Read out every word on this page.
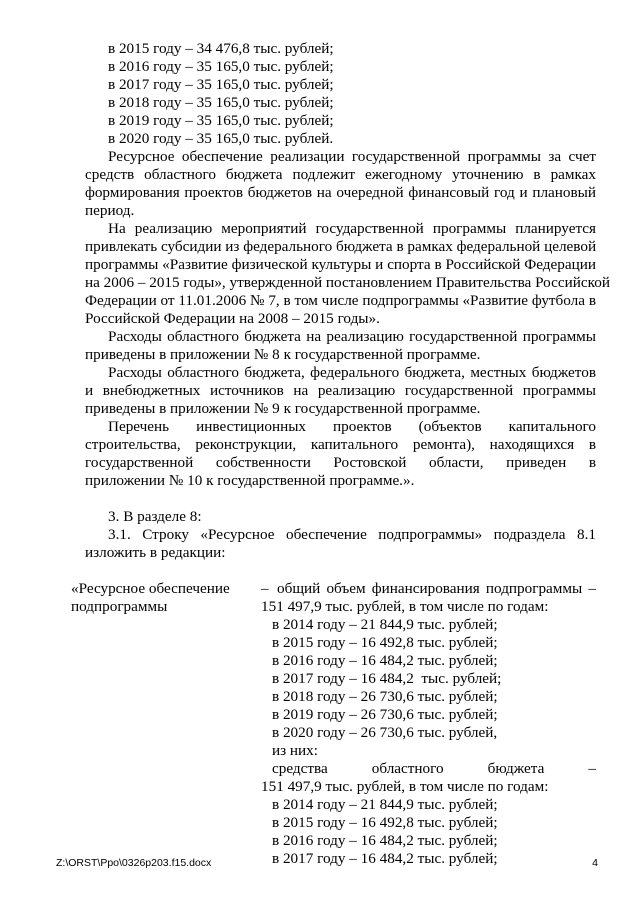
в 2015 году – 34 476,8 тыс. рублей;
в 2016 году – 35 165,0 тыс. рублей;
в 2017 году – 35 165,0 тыс. рублей;
в 2018 году – 35 165,0 тыс. рублей;
в 2019 году – 35 165,0 тыс. рублей;
в 2020 году – 35 165,0 тыс. рублей.
Ресурсное обеспечение реализации государственной программы за счет
средств областного бюджета подлежит ежегодному уточнению в рамках
формирования проектов бюджетов на очередной финансовый год и плановый
период.
На реализацию мероприятий государственной программы планируется
привлекать субсидии из федерального бюджета в рамках федеральной целевой
программы «Развитие физической культуры и спорта в Российской Федерации
на 2006 – 2015 годы», утвержденной постановлением Правительства Российской
Федерации от 11.01.2006 № 7, в том числе подпрограммы «Развитие футбола в
Российской Федерации на 2008 – 2015 годы».
Расходы областного бюджета на реализацию государственной программы
приведены в приложении № 8 к государственной программе.
Расходы областного бюджета, федерального бюджета, местных бюджетов
и внебюджетных источников на реализацию государственной программы
приведены в приложении № 9 к государственной программе.
Перечень инвестиционных проектов (объектов капитального
строительства, реконструкции, капитального ремонта), находящихся в
государственной собственности Ростовской области, приведен в
приложении № 10 к государственной программе.».
3. В разделе 8:
3.1. Строку «Ресурсное обеспечение подпрограммы» подраздела 8.1
изложить в редакции:
«Ресурсное обеспечение
подпрограммы
– общий объем финансирования подпрограммы –
151 497,9 тыс. рублей, в том числе по годам:
в 2014 году – 21 844,9 тыс. рублей;
в 2015 году – 16 492,8 тыс. рублей;
в 2016 году – 16 484,2 тыс. рублей;
в 2017 году – 16 484,2  тыс. рублей;
в 2018 году – 26 730,6 тыс. рублей;
в 2019 году – 26 730,6 тыс. рублей;
в 2020 году – 26 730,6 тыс. рублей,
из них:
средства областного бюджета –
151 497,9 тыс. рублей, в том числе по годам:
в 2014 году – 21 844,9 тыс. рублей;
в 2015 году – 16 492,8 тыс. рублей;
в 2016 году – 16 484,2 тыс. рублей;
в 2017 году – 16 484,2 тыс. рублей;
Z:\ORST\Ppo\0326p203.f15.docx	4
